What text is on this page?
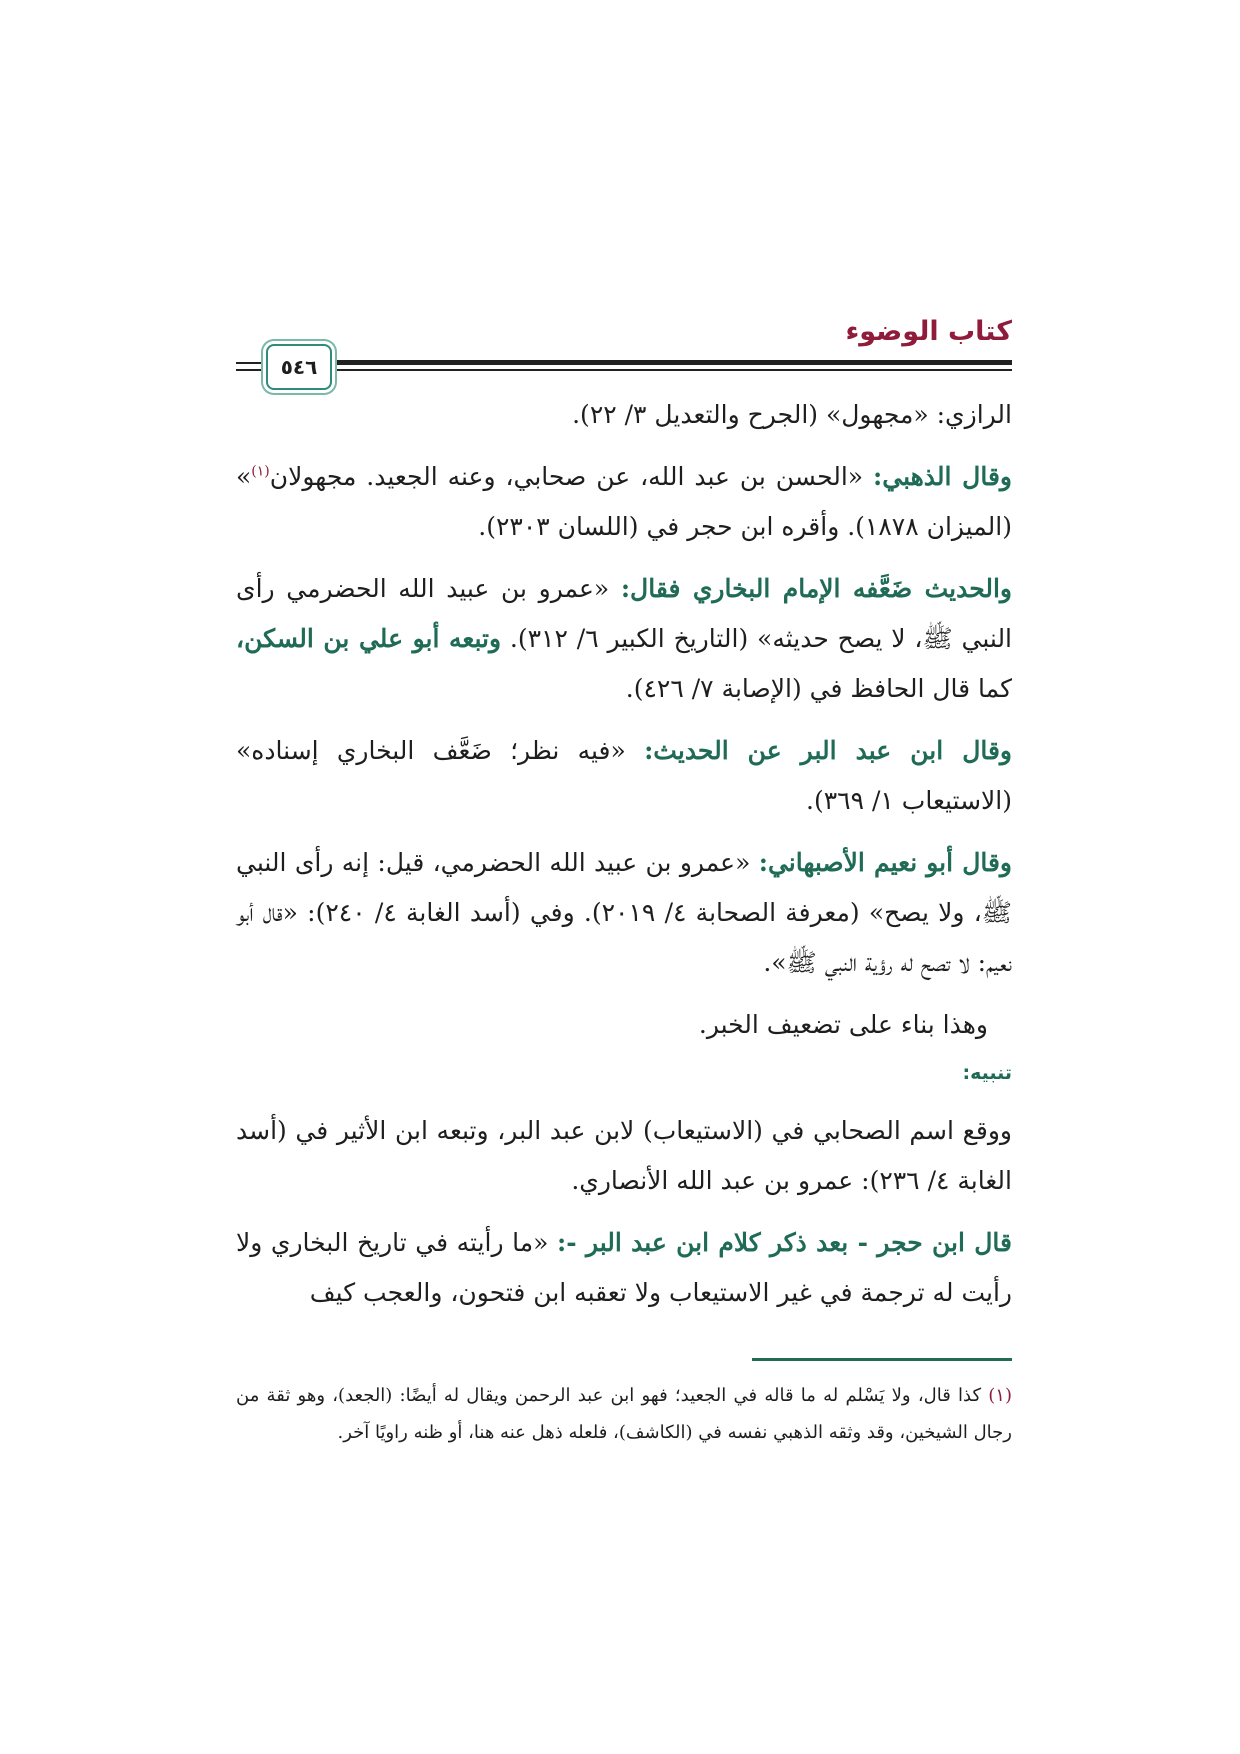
كتاب الوضوء
٥٤٦

الرازي: «مجهول» (الجرح والتعديل ٣/ ٢٢).

وقال الذهبي: «الحسن بن عبد الله، عن صحابي، وعنه الجعيد. مجهولان$^{(١)}$» (الميزان ١٨٧٨). وأقره ابن حجر في (اللسان ٢٣٠٣).

والحديث ضَعَّفه الإمام البخاري فقال: «عمرو بن عبيد الله الحضرمي رأى النبي ﷺ، لا يصح حديثه» (التاريخ الكبير ٦/ ٣١٢). وتبعه أبو علي بن السكن، كما قال الحافظ في (الإصابة ٧/ ٤٢٦).

وقال ابن عبد البر عن الحديث: «فيه نظر؛ ضَعَّف البخاري إسناده» (الاستيعاب ١/ ٣٦٩).

وقال أبو نعيم الأصبهاني: «عمرو بن عبيد الله الحضرمي، قيل: إنه رأى النبي ﷺ، ولا يصح» (معرفة الصحابة ٤/ ٢٠١٩). وفي (أسد الغابة ٤/ ٢٤٠): «قال أبو نعيم: لا تصح له رؤية النبي ﷺ».

وهذا بناء على تضعيف الخبر.

تنبيه:

ووقع اسم الصحابي في (الاستيعاب) لابن عبد البر، وتبعه ابن الأثير في (أسد الغابة ٤/ ٢٣٦): عمرو بن عبد الله الأنصاري.

قال ابن حجر - بعد ذكر كلام ابن عبد البر -: «ما رأيته في تاريخ البخاري ولا رأيت له ترجمة في غير الاستيعاب ولا تعقبه ابن فتحون، والعجب كيف

(١) كذا قال، ولا يَسْلم له ما قاله في الجعيد؛ فهو ابن عبد الرحمن ويقال له أيضًا: (الجعد)، وهو ثقة من رجال الشيخين، وقد وثقه الذهبي نفسه في (الكاشف)، فلعله ذهل عنه هنا، أو ظنه راويًا آخر.
